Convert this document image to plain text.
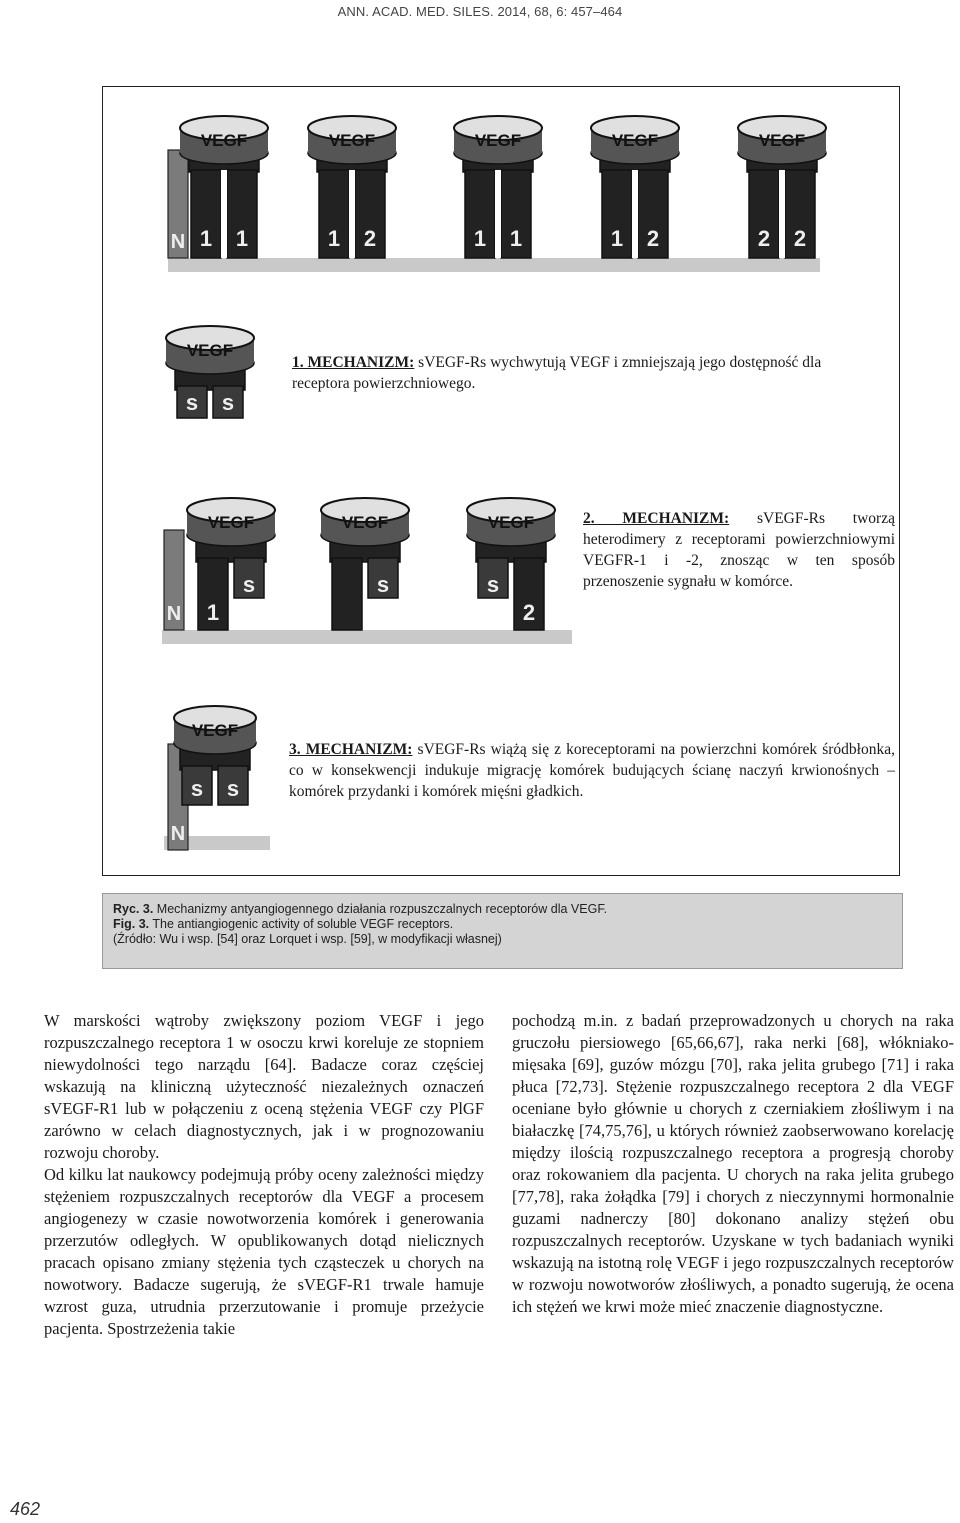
ANN. ACAD. MED. SILES. 2014, 68, 6: 457–464
N 1 1
VEGF
1 2
VEGF
1 1
VEGF
1 2
VEGF
2 2
VEGF
s s
VEGF
N 1
s
VEGF
s
VEGF
s
2
VEGF
N
s s
VEGF
1. MECHANIZM: sVEGF-Rs wychwytują VEGF i zmniejszają jego dostępność dla receptora powierzchniowego.
2. MECHANIZM: sVEGF-Rs tworzą heterodimery z receptorami powierzchniowymi VEGFR-1 i -2, znosząc w ten sposób przenoszenie sygnału w komórce.
3. MECHANIZM: sVEGF-Rs wiążą się z koreceptorami na powierzchni komórek śródbłonka, co w konsekwencji indukuje migrację komórek budujących ścianę naczyń krwionośnych – komórek przydanki i komórek mięśni gładkich.
Ryc. 3. Mechanizmy antyangiogennego działania rozpuszczalnych receptorów dla VEGF.
Fig. 3. The antiangiogenic activity of soluble VEGF receptors.
(Źródło: Wu i wsp. [54] oraz Lorquet i wsp. [59], w modyfikacji własnej)

W marskości wątroby zwiększony poziom VEGF i jego rozpuszczalnego receptora 1 w osoczu krwi koreluje ze stopniem niewydolności tego narządu [64]. Badacze coraz częściej wskazują na kliniczną użyteczność niezależnych oznaczeń sVEGF-R1 lub w połączeniu z oceną stężenia VEGF czy PlGF zarówno w celach diagnostycznych, jak i w prognozowaniu rozwoju choroby.

Od kilku lat naukowcy podejmują próby oceny zależności między stężeniem rozpuszczalnych receptorów dla VEGF a procesem angiogenezy w czasie nowotworzenia komórek i generowania przerzutów odległych. W opublikowanych dotąd nielicznych pracach opisano zmiany stężenia tych cząsteczek u chorych na nowotwory. Badacze sugerują, że sVEGF-R1 trwale hamuje wzrost guza, utrudnia przerzutowanie i promuje przeżycie pacjenta. Spostrzeżenia takie

pochodzą m.in. z badań przeprowadzonych u chorych na raka gruczołu piersiowego [65,66,67], raka nerki [68], włókniako-mięsaka [69], guzów mózgu [70], raka jelita grubego [71] i raka płuca [72,73]. Stężenie rozpuszczalnego receptora 2 dla VEGF oceniane było głównie u chorych z czerniakiem złośliwym i na białaczkę [74,75,76], u których również zaobserwowano korelację między ilością rozpuszczalnego receptora a progresją choroby oraz rokowaniem dla pacjenta. U chorych na raka jelita grubego [77,78], raka żołądka [79] i chorych z nieczynnymi hormonalnie guzami nadnerczy [80] dokonano analizy stężeń obu rozpuszczalnych receptorów. Uzyskane w tych badaniach wyniki wskazują na istotną rolę VEGF i jego rozpuszczalnych receptorów w rozwoju nowotworów złośliwych, a ponadto sugerują, że ocena ich stężeń we krwi może mieć znaczenie diagnostyczne.

462
